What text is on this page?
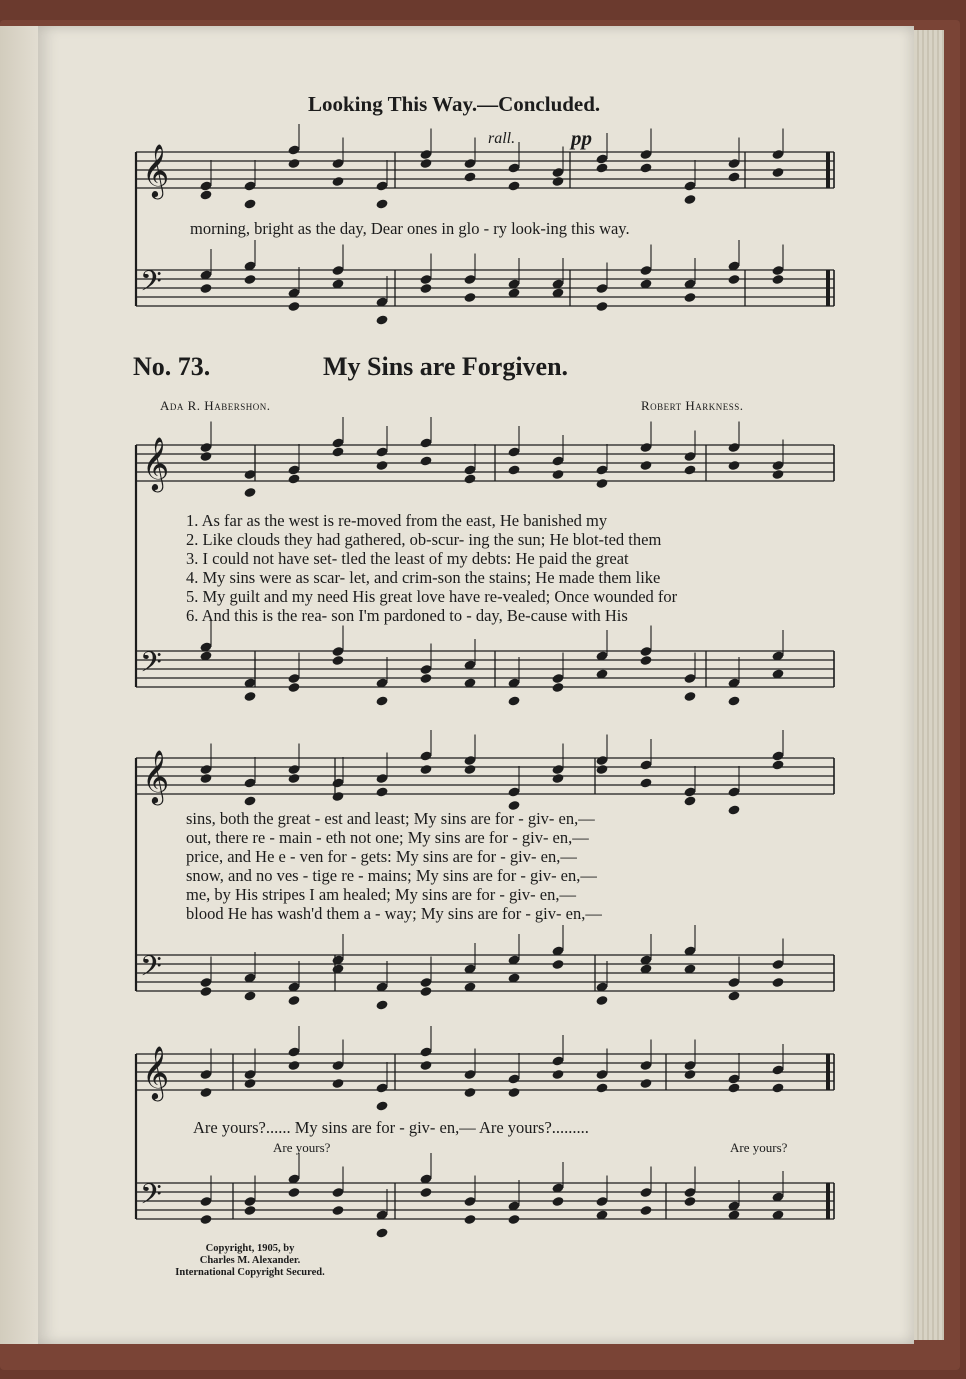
𝄞
𝄢
𝄞
𝄢
𝄞
𝄢
𝄞
𝄢
Looking This Way.—Concluded.
rall.	pp
morning, bright as the day, Dear ones in glo - ry look-ing this way.
No. 73.	My Sins are Forgiven.
Ada R. Habershon.	Robert Harkness.
1. As far as the west is re-moved from the east, He banished my
2. Like clouds they had gathered, ob-scur- ing the sun; He blot-ted them
3. I could not have set- tled the least of my debts: He paid the great
4. My sins were as scar- let, and crim-son the stains; He made them like
5. My guilt and my need His great love have re-vealed; Once wounded for
6. And this is the rea- son I'm pardoned to - day, Be-cause with His
sins, both the great - est and least; My sins are for - giv- en,—
out, there re - main - eth not one; My sins are for - giv- en,—
price, and He e - ven for - gets: My sins are for - giv- en,—
snow, and no ves - tige re - mains; My sins are for - giv- en,—
me, by His stripes I am healed; My sins are for - giv- en,—
blood He has wash'd them a - way; My sins are for - giv- en,—
Are yours?...... My sins are for - giv- en,— Are yours?.........
Are yours?	Are yours?
Copyright, 1905, by
Charles M. Alexander.
International Copyright Secured.
